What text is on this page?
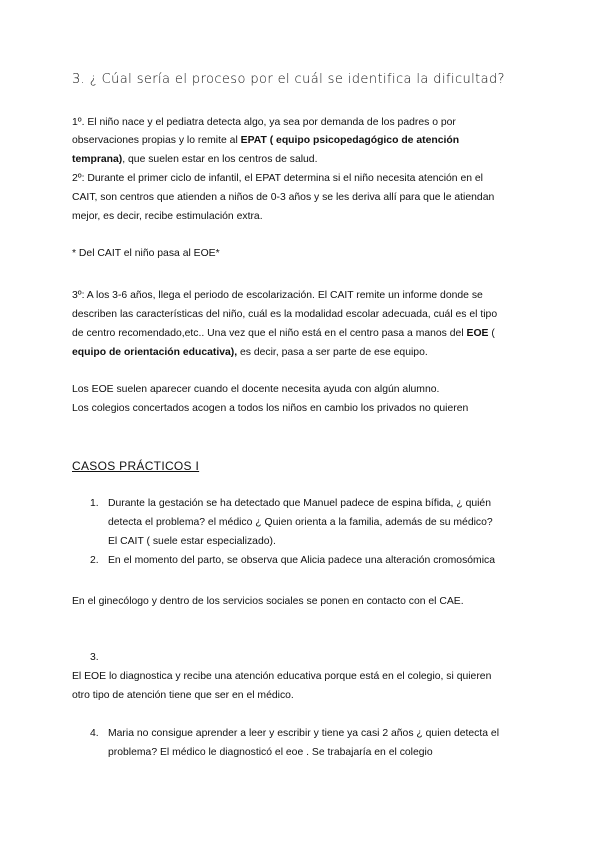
3. ¿ Cúal sería el proceso por el cuál se identifica la dificultad?
1º. El niño nace y el pediatra detecta algo, ya sea por demanda de los padres o por
observaciones propias y lo remite al EPAT ( equipo psicopedagógico de atención
temprana), que suelen estar en los centros de salud.
2º: Durante el primer ciclo de infantil, el EPAT determina si el niño necesita atención en el
CAIT, son centros que atienden a niños de 0-3 años y se les deriva allí para que le atiendan
mejor, es decir, recibe estimulación extra.
* Del CAIT el niño pasa al EOE*
3º: A los 3-6 años, llega el periodo de escolarización. El CAIT remite un informe donde se
describen las características del niño, cuál es la modalidad escolar adecuada, cuál es el tipo
de centro recomendado,etc.. Una vez que el niño está en el centro pasa a manos del EOE (
equipo de orientación educativa), es decir, pasa a ser parte de ese equipo.
Los EOE suelen aparecer cuando el docente necesita ayuda con algún alumno.
Los colegios concertados acogen a todos los niños en cambio los privados no quieren
CASOS PRÁCTICOS I
1. Durante la gestación se ha detectado que Manuel padece de espina bífida, ¿ quién
detecta el problema? el médico ¿ Quien orienta a la familia, además de su médico?
El CAIT ( suele estar especializado).
2. En el momento del parto, se observa que Alicia padece una alteración cromosómica
En el ginecólogo y dentro de los servicios sociales se ponen en contacto con el CAE.
3.
El EOE lo diagnostica y recibe una atención educativa porque está en el colegio, si quieren
otro tipo de atención tiene que ser en el médico.
4. Maria no consigue aprender a leer y escribir y tiene ya casi 2 años ¿ quien detecta el
problema? El médico le diagnosticó el eoe . Se trabajaría en el colegio
